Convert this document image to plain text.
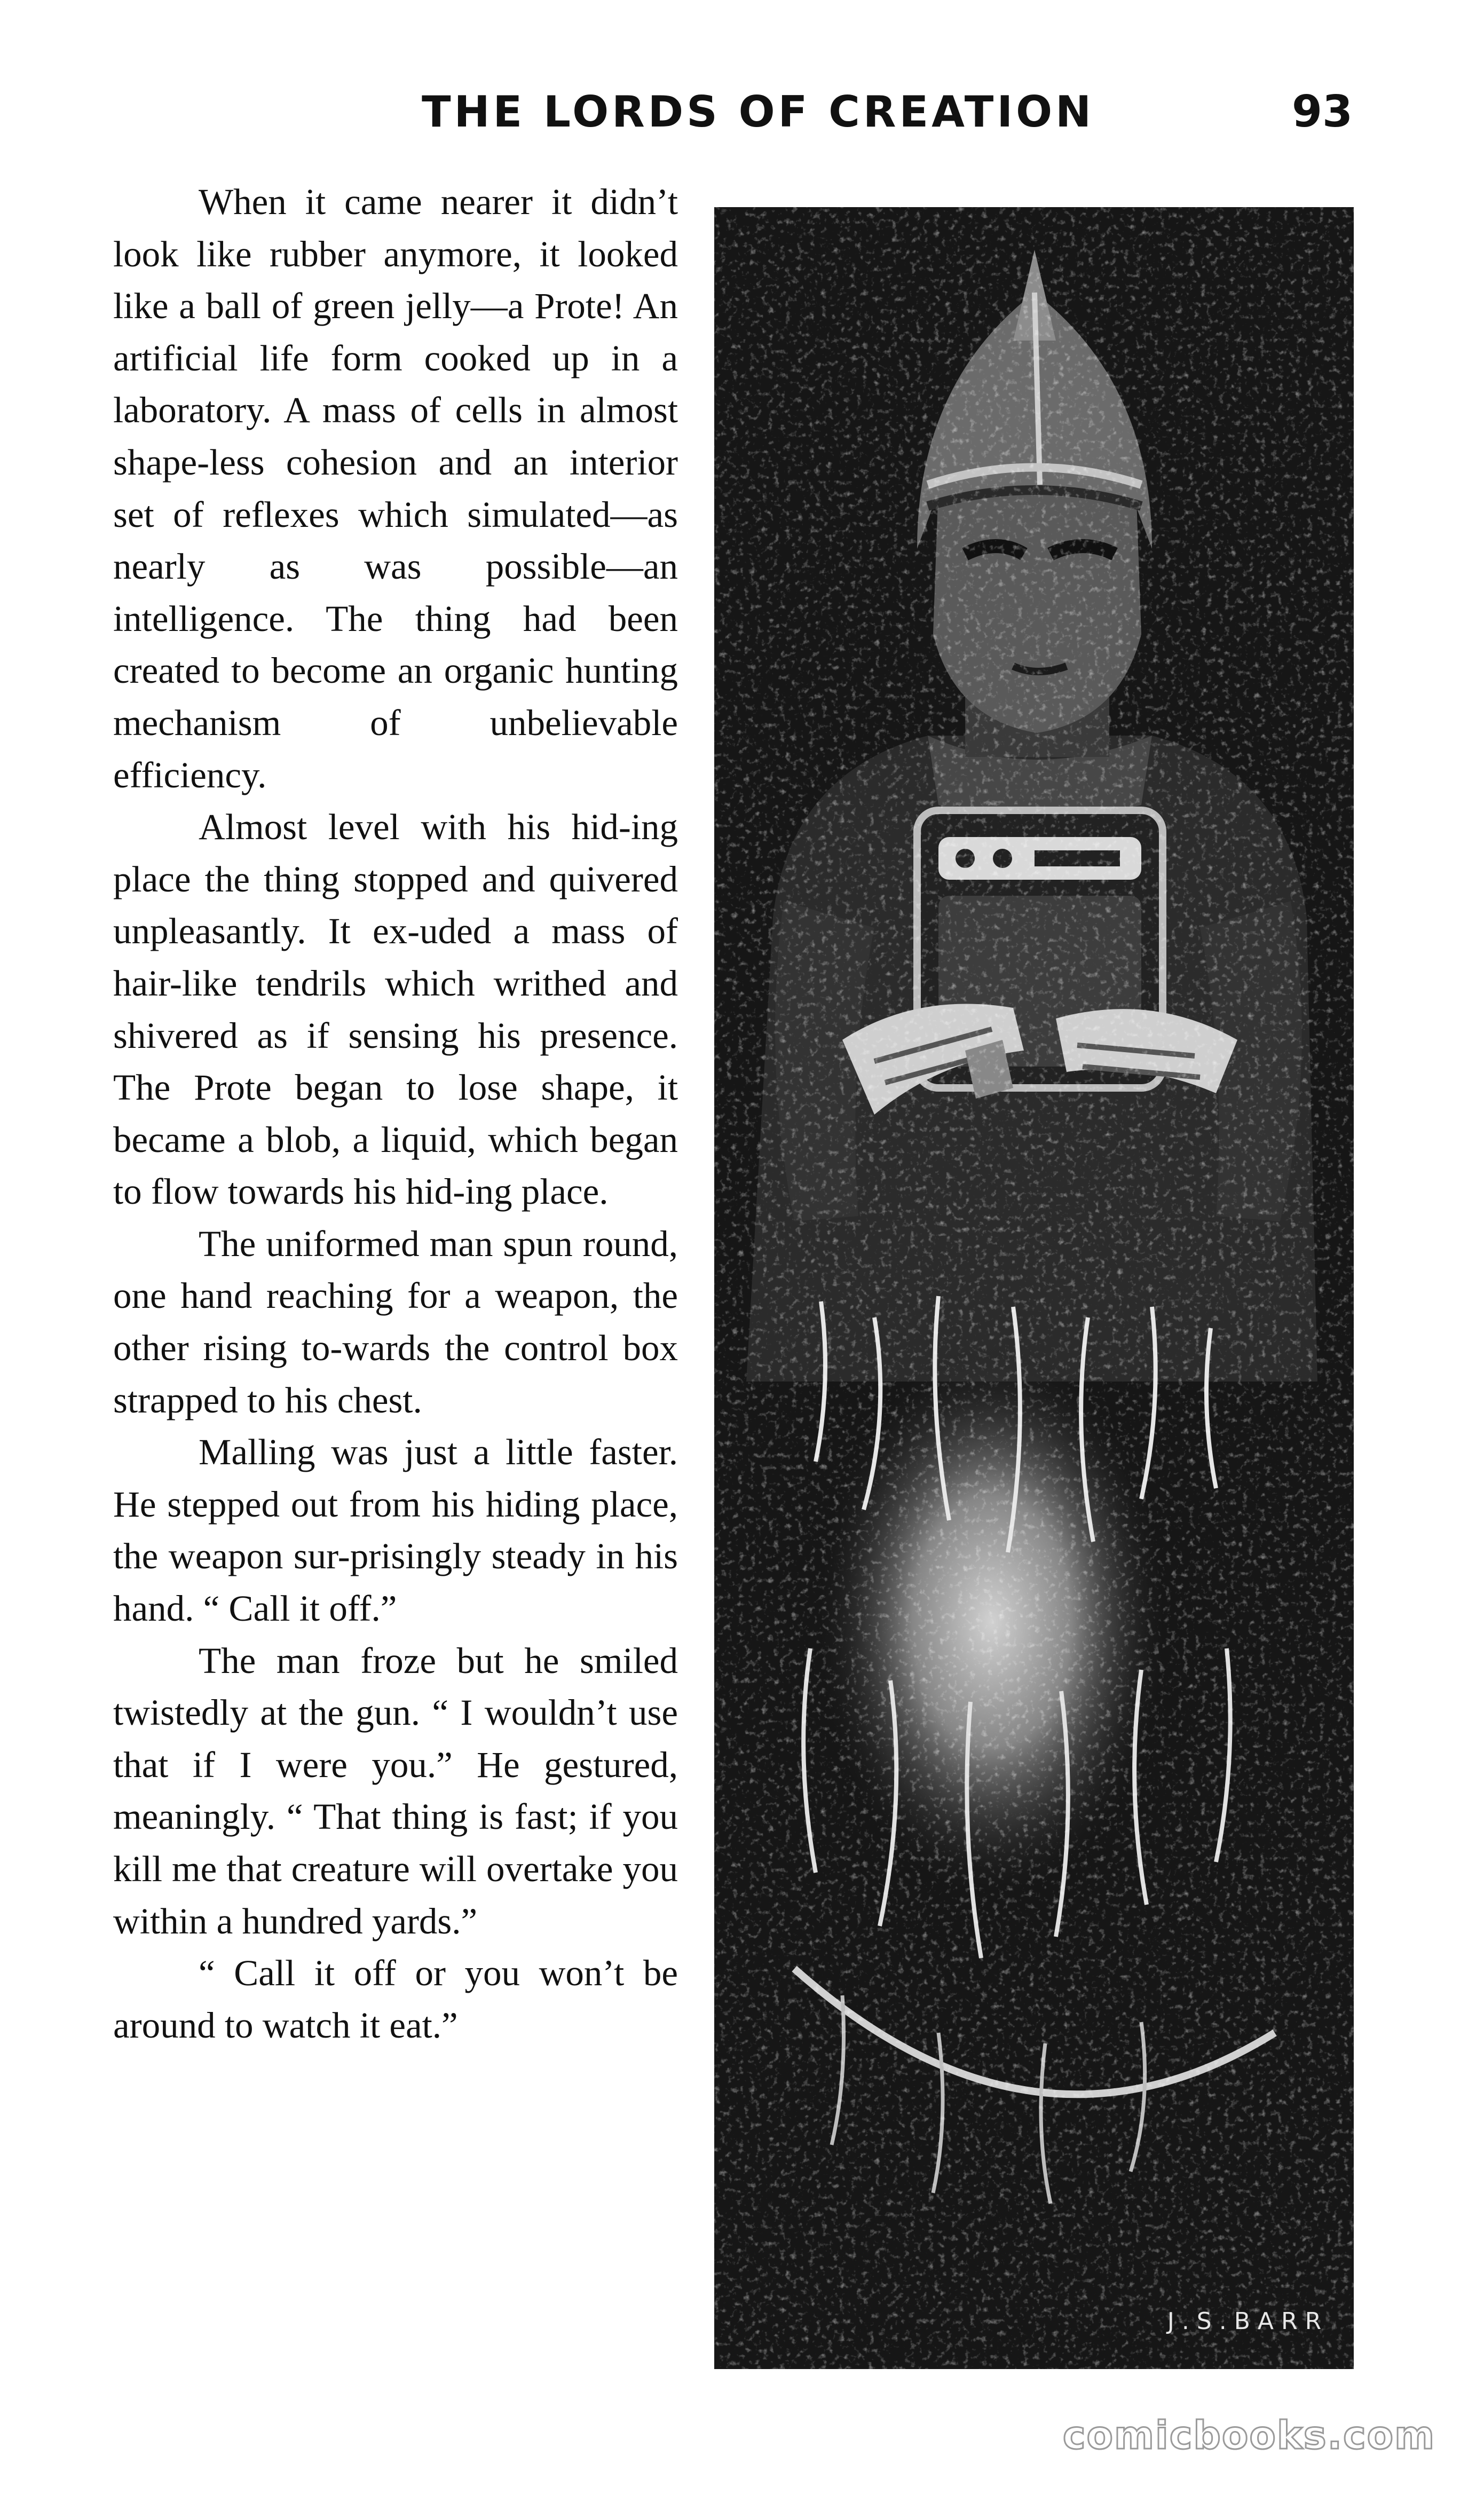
THE LORDS OF CREATION	93

When it came nearer it didn’t look like rubber anymore, it looked like a ball of green jelly—a Prote! An artificial life form cooked up in a laboratory. A mass of cells in almost shape-less cohesion and an interior set of reflexes which simulated—as nearly as was possible—an intelligence. The thing had been created to become an organic hunting mechanism of unbelievable efficiency.

Almost level with his hid-ing place the thing stopped and quivered unpleasantly. It ex-uded a mass of hair-like tendrils which writhed and shivered as if sensing his presence. The Prote began to lose shape, it became a blob, a liquid, which began to flow towards his hid-ing place.

The uniformed man spun round, one hand reaching for a weapon, the other rising to-wards the control box strapped to his chest.

Malling was just a little faster. He stepped out from his hiding place, the weapon sur-prisingly steady in his hand. “ Call it off.”

The man froze but he smiled twistedly at the gun. “ I wouldn’t use that if I were you.” He gestured, meaningly. “ That thing is fast; if you kill me that creature will overtake you within a hundred yards.”

“ Call it off or you won’t be around to watch it eat.”

J.S.BARR
comicbooks.com
